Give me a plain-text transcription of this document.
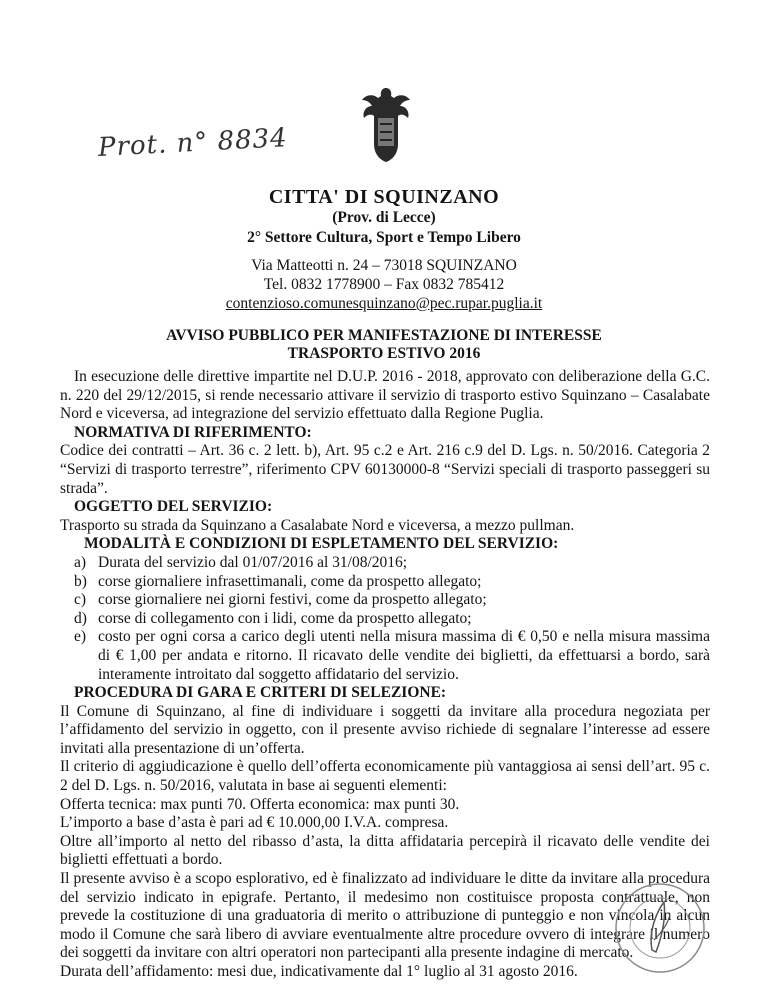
Prot. n° 8834
CITTA' DI SQUINZANO
(Prov. di Lecce)
2° Settore Cultura, Sport e Tempo Libero
Via Matteotti n. 24 – 73018 SQUINZANO
Tel. 0832 1778900 – Fax 0832 785412
contenzioso.comunesquinzano@pec.rupar.puglia.it
AVVISO PUBBLICO PER MANIFESTAZIONE DI INTERESSE
TRASPORTO ESTIVO 2016

In esecuzione delle direttive impartite nel D.U.P. 2016 - 2018, approvato con deliberazione della G.C. n. 220 del 29/12/2015, si rende necessario attivare il servizio di trasporto estivo Squinzano – Casalabate Nord e viceversa, ad integrazione del servizio effettuato dalla Regione Puglia.

NORMATIVA DI RIFERIMENTO:

Codice dei contratti – Art. 36 c. 2 lett. b), Art. 95 c.2 e Art. 216 c.9 del D. Lgs. n. 50/2016. Categoria 2 “Servizi di trasporto terrestre”, riferimento CPV 60130000-8 “Servizi speciali di trasporto passeggeri su strada”.

OGGETTO DEL SERVIZIO:

Trasporto su strada da Squinzano a Casalabate Nord e viceversa, a mezzo pullman.

MODALITÀ E CONDIZIONI DI ESPLETAMENTO DEL SERVIZIO:

a) Durata del servizio dal 01/07/2016 al 31/08/2016;
b) corse giornaliere infrasettimanali, come da prospetto allegato;
c) corse giornaliere nei giorni festivi, come da prospetto allegato;
d) corse di collegamento con i lidi, come da prospetto allegato;
e) costo per ogni corsa a carico degli utenti nella misura massima di € 0,50 e nella misura massima di € 1,00 per andata e ritorno. Il ricavato delle vendite dei biglietti, da effettuarsi a bordo, sarà interamente introitato dal soggetto affidatario del servizio.

PROCEDURA DI GARA E CRITERI DI SELEZIONE:

Il Comune di Squinzano, al fine di individuare i soggetti da invitare alla procedura negoziata per l’affidamento del servizio in oggetto, con il presente avviso richiede di segnalare l’interesse ad essere invitati alla presentazione di un’offerta.

Il criterio di aggiudicazione è quello dell’offerta economicamente più vantaggiosa ai sensi dell’art. 95 c. 2 del D. Lgs. n. 50/2016, valutata in base ai seguenti elementi:

Offerta tecnica: max punti 70. Offerta economica: max punti 30.

L’importo a base d’asta è pari ad € 10.000,00 I.V.A. compresa.

Oltre all’importo al netto del ribasso d’asta, la ditta affidataria percepirà il ricavato delle vendite dei biglietti effettuati a bordo.

Il presente avviso è a scopo esplorativo, ed è finalizzato ad individuare le ditte da invitare alla procedura del servizio indicato in epigrafe. Pertanto, il medesimo non costituisce proposta contrattuale, non prevede la costituzione di una graduatoria di merito o attribuzione di punteggio e non vincola in alcun modo il Comune che sarà libero di avviare eventualmente altre procedure ovvero di integrare il numero dei soggetti da invitare con altri operatori non partecipanti alla presente indagine di mercato.

Durata dell’affidamento: mesi due, indicativamente dal 1° luglio al 31 agosto 2016.
